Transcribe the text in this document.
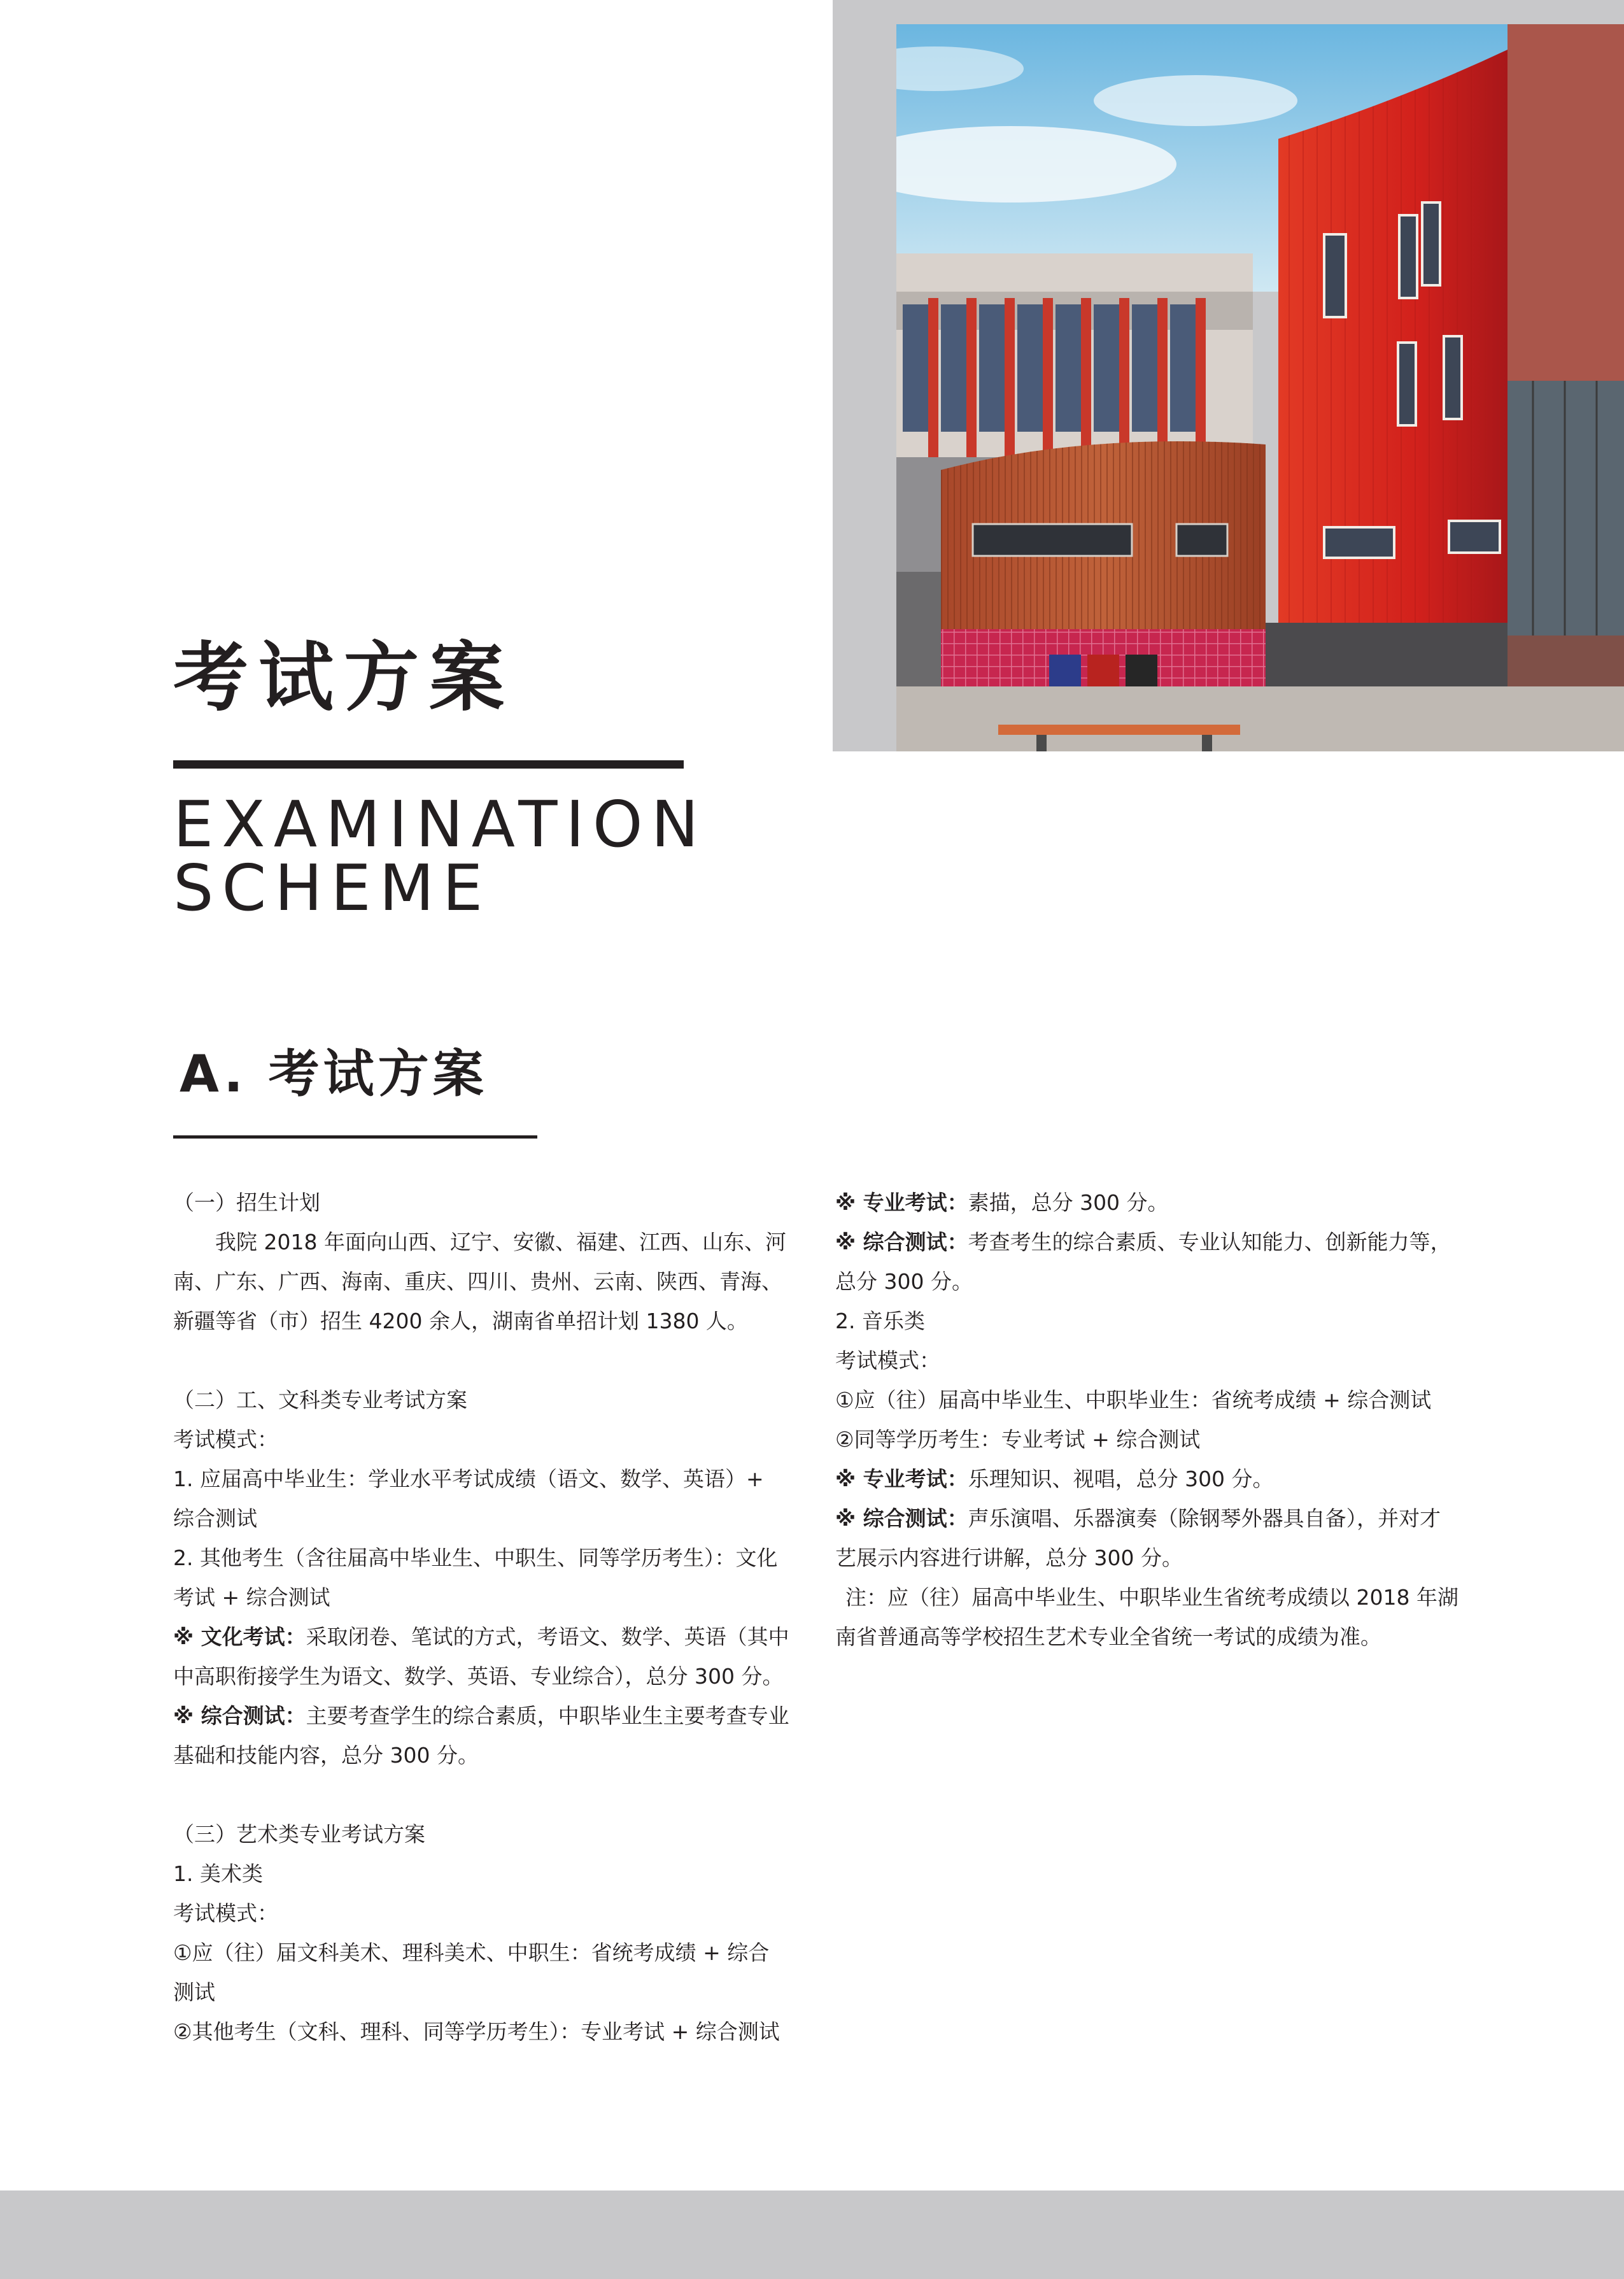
考试方案
EXAMINATION
SCHEME
A. 考试方案

（一）招生计划

我院 2018 年面向山西、辽宁、安徽、福建、江西、山东、河南、广东、广西、海南、重庆、四川、贵州、云南、陕西、青海、新疆等省（市）招生 4200 余人，湖南省单招计划 1380 人。

（二）工、文科类专业考试方案

考试模式：

1. 应届高中毕业生：学业水平考试成绩（语文、数学、英语）+ 综合测试

2. 其他考生（含往届高中毕业生、中职生、同等学历考生）：文化考试 + 综合测试

※ 文化考试：采取闭卷、笔试的方式，考语文、数学、英语（其中中高职衔接学生为语文、数学、英语、专业综合），总分 300 分。

※ 综合测试：主要考查学生的综合素质，中职毕业生主要考查专业基础和技能内容，总分 300 分。

（三）艺术类专业考试方案

1. 美术类

考试模式：

①应（往）届文科美术、理科美术、中职生：省统考成绩 + 综合测试

②其他考生（文科、理科、同等学历考生）：专业考试 + 综合测试

※ 专业考试：素描，总分 300 分。

※ 综合测试：考查考生的综合素质、专业认知能力、创新能力等，总分 300 分。

2. 音乐类

考试模式：

①应（往）届高中毕业生、中职毕业生：省统考成绩 + 综合测试

②同等学历考生：专业考试 + 综合测试

※ 专业考试：乐理知识、视唱，总分 300 分。

※ 综合测试：声乐演唱、乐器演奏（除钢琴外器具自备），并对才艺展示内容进行讲解，总分 300 分。

注：应（往）届高中毕业生、中职毕业生省统考成绩以 2018 年湖南省普通高等学校招生艺术专业全省统一考试的成绩为准。
